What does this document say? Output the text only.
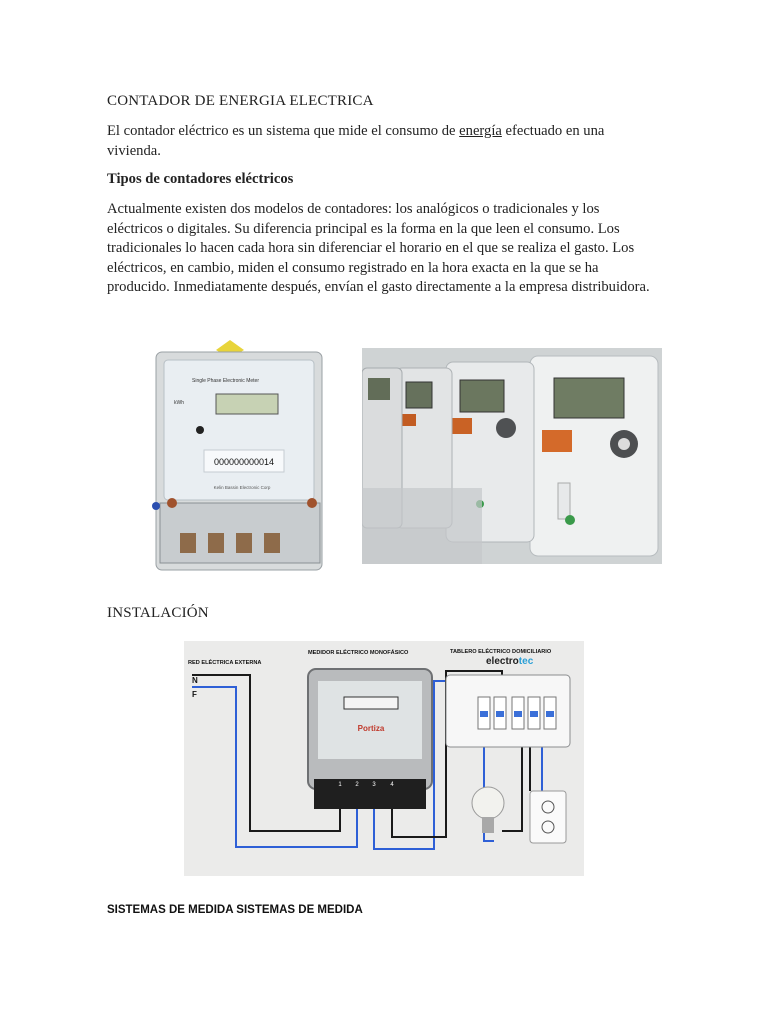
CONTADOR DE ENERGIA ELECTRICA
El contador eléctrico es un sistema que mide el consumo de energía efectuado en una vivienda.
Tipos de contadores eléctricos
Actualmente existen dos modelos de contadores: los analógicos o tradicionales y los eléctricos o digitales. Su diferencia principal es la forma en la que leen el consumo. Los tradicionales lo hacen cada hora sin diferenciar el horario en el que se realiza el gasto. Los eléctricos, en cambio, miden el consumo registrado en la hora exacta en la que se ha producido. Inmediatamente después, envían el gasto directamente a la empresa distribuidora.
Single Phase Electronic Meter
kWh
000000000014
Kelin Bassin Electronic Corp
INSTALACIÓN
RED ELÉCTRICA EXTERNA
N
F
MEDIDOR ELÉCTRICO MONOFÁSICO	TABLERO ELÉCTRICO DOMICILIARIO
electrotec
Portiza
1 2 3 4
SISTEMAS DE MEDIDA SISTEMAS DE MEDIDA
